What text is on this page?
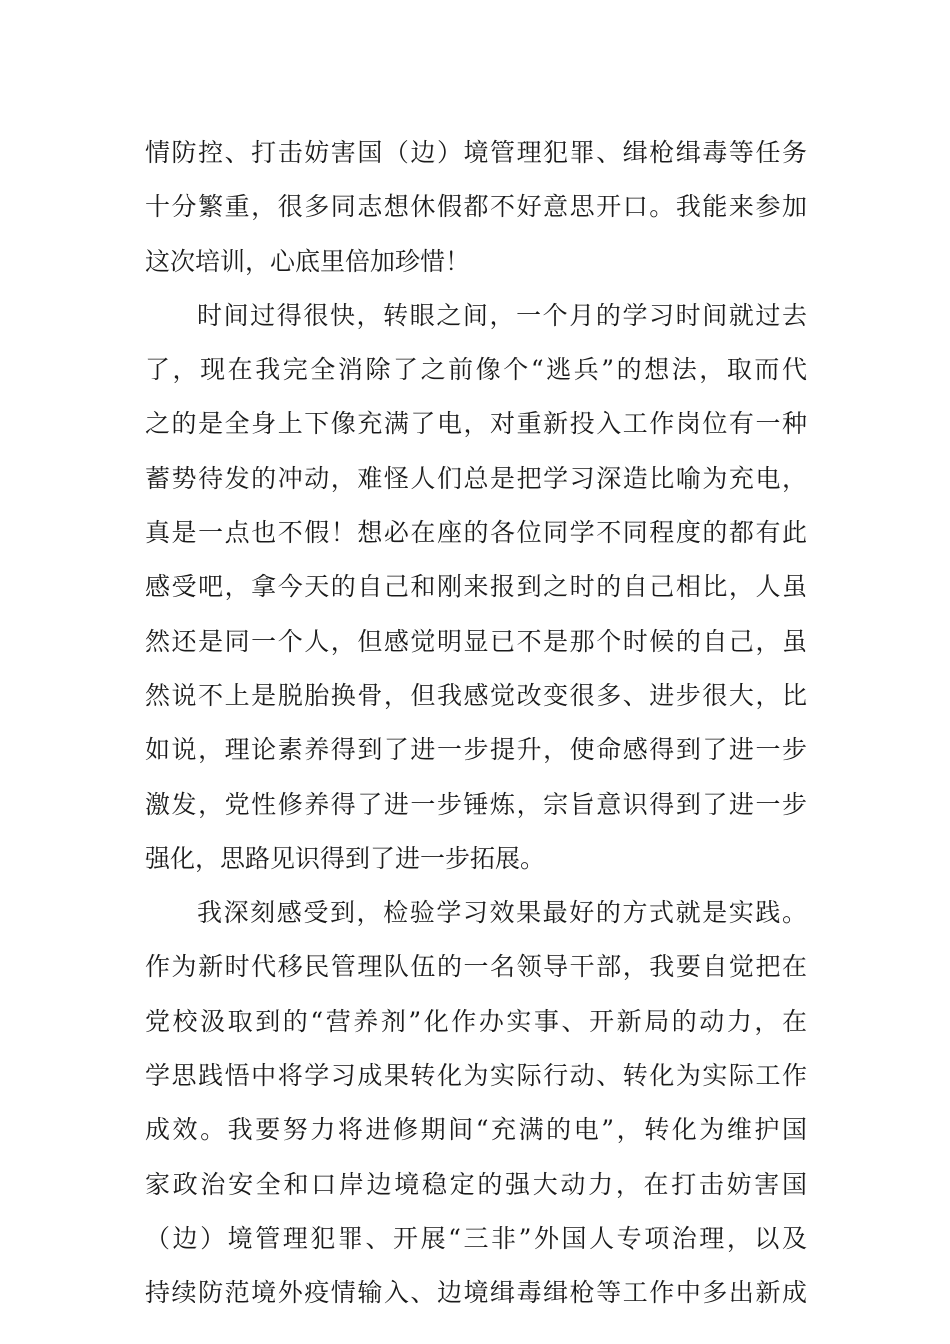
情防控、打击妨害国（边）境管理犯罪、缉枪缉毒等任务
十分繁重，很多同志想休假都不好意思开口。我能来参加
这次培训，心底里倍加珍惜！
时间过得很快，转眼之间，一个月的学习时间就过去
了，现在我完全消除了之前像个“逃兵”的想法，取而代
之的是全身上下像充满了电，对重新投入工作岗位有一种
蓄势待发的冲动，难怪人们总是把学习深造比喻为充电，
真是一点也不假！想必在座的各位同学不同程度的都有此
感受吧，拿今天的自己和刚来报到之时的自己相比，人虽
然还是同一个人，但感觉明显已不是那个时候的自己，虽
然说不上是脱胎换骨，但我感觉改变很多、进步很大，比
如说，理论素养得到了进一步提升，使命感得到了进一步
激发，党性修养得了进一步锤炼，宗旨意识得到了进一步
强化，思路见识得到了进一步拓展。
我深刻感受到，检验学习效果最好的方式就是实践。
作为新时代移民管理队伍的一名领导干部，我要自觉把在
党校汲取到的“营养剂”化作办实事、开新局的动力，在
学思践悟中将学习成果转化为实际行动、转化为实际工作
成效。我要努力将进修期间“充满的电”，转化为维护国
家政治安全和口岸边境稳定的强大动力，在打击妨害国
（边）境管理犯罪、开展“三非”外国人专项治理，以及
持续防范境外疫情输入、边境缉毒缉枪等工作中多出新成
